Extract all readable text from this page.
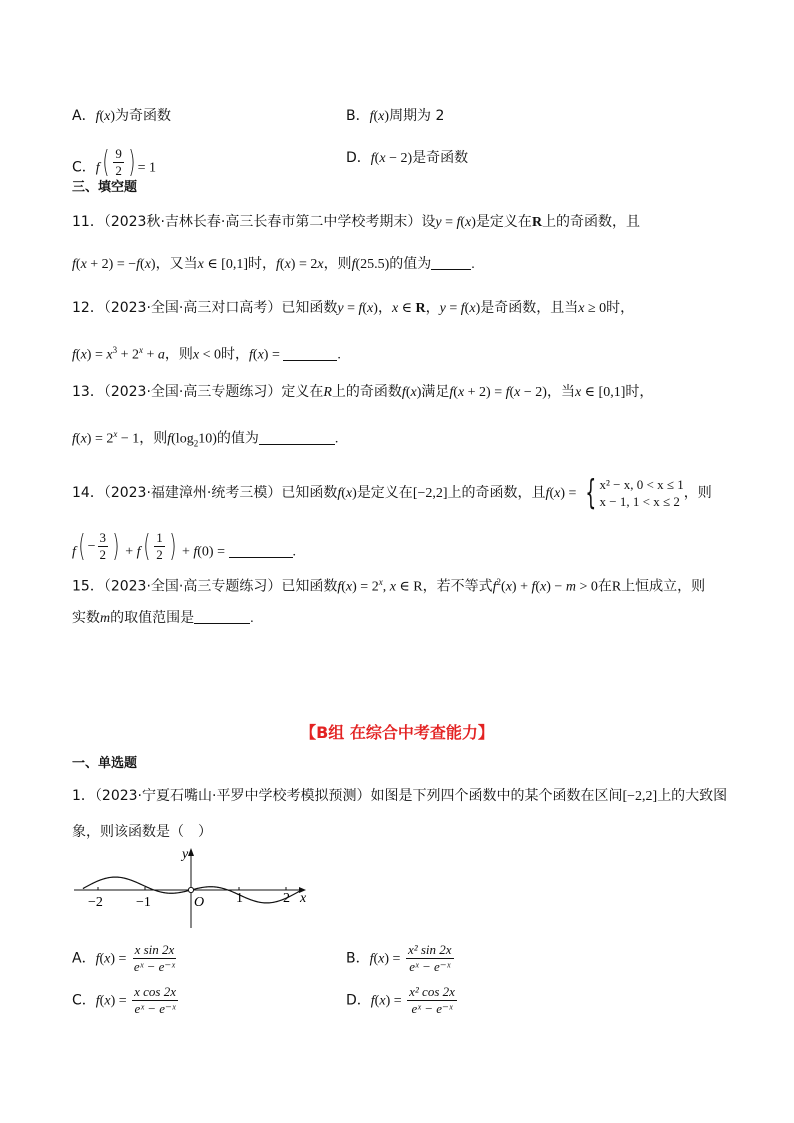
A．f(x)为奇函数	B．f(x)周期为 2
C．f ( $\frac{9}{2}$ ) = 1
D．f(x − 2)是奇函数
三、填空题
11．（2023秋·吉林长春·高三长春市第二中学校考期末）设y = f(x)是定义在R上的奇函数，且
f(x + 2) = −f(x)，又当x ∈ [0,1]时，f(x) = 2x，则f(25.5)的值为	.
12．（2023·全国·高三对口高考）已知函数y = f(x)，x ∈ R，y = f(x)是奇函数，且当x ≥ 0时，
$f(x) = x^3 + 2^x + a$，则x < 0时，f(x) =	.
13．（2023·全国·高三专题练习）定义在R上的奇函数f(x)满足f(x + 2) = f(x − 2)，当x ∈ [0,1]时，
$f(x) = 2^x - 1$，则$f(\log_210)$的值为	.
14．（2023·福建漳州·统考三模）已知函数f(x)是定义在[−2,2]上的奇函数，且f(x) = { x² − x, 0 < x ≤ 1
x − 1, 1 < x ≤ 2
，则
f ( − $\frac{3}{2}$ ) + f ( $\frac{1}{2}$ ) + f(0) =	.
15．（2023·全国·高三专题练习）已知函数$f(x) = 2^x$, x ∈ R，若不等式$f^2(x) + f(x) - m > 0$在R上恒成立，则
实数m的取值范围是	.
【B组 在综合中考查能力】
一、单选题
1．（2023·宁夏石嘴山·平罗中学校考模拟预测）如图是下列四个函数中的某个函数在区间[−2,2]上的大致图
象，则该函数是（　）
y
x
O
−2 −1	1	2
A．$f(x) = \frac{\text{x sin 2x}}{\text{eˣ − e⁻ˣ}}$	B．$f(x) = \frac{\text{x² sin 2x}}{\text{eˣ − e⁻ˣ}}$
C．$f(x) = \frac{\text{x cos 2x}}{\text{eˣ − e⁻ˣ}}$	D．$f(x) = \frac{\text{x² cos 2x}}{\text{eˣ − e⁻ˣ}}$
